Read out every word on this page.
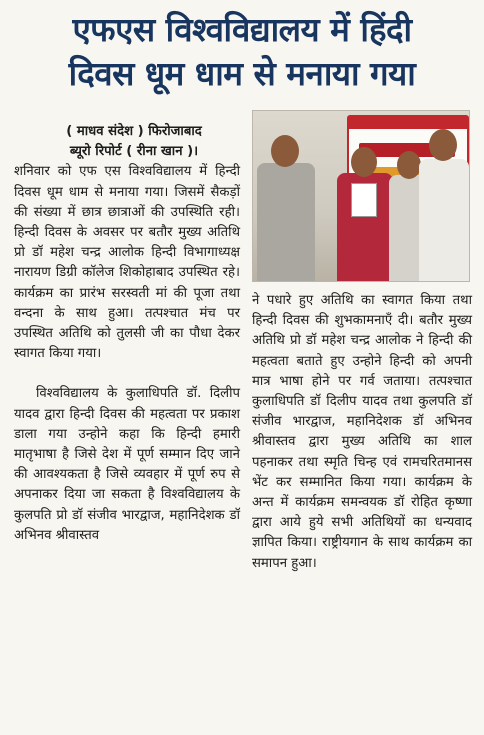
एफएस विश्वविद्यालय में हिंदी
दिवस धूम धाम से मनाया गया

( माधव संदेश ) फिरोजाबाद
ब्यूरो रिपोर्ट ( रीना खान )।

शनिवार को एफ एस विश्वविद्यालय में हिन्दी दिवस धूम धाम से मनाया गया। जिसमें सैकड़ों की संख्या में छात्र छात्राओं की उपस्थिति रही। हिन्दी दिवस के अवसर पर बतौर मुख्य अतिथि प्रो डॉ महेश चन्द्र आलोक हिन्दी विभागाध्यक्ष नारायण डिग्री कॉलेज शिकोहाबाद उपस्थित रहे। कार्यक्रम का प्रारंभ सरस्वती मां की पूजा तथा वन्दना के साथ हुआ। तत्पश्चात मंच पर उपस्थित अतिथि को तुलसी जी का पौधा देकर स्वागत किया गया।

विश्वविद्यालय के कुलाधिपति डॉ. दिलीप यादव द्वारा हिन्दी दिवस की महत्वता पर प्रकाश डाला गया उन्होने कहा कि हिन्दी हमारी मातृभाषा है जिसे देश में पूर्ण सम्मान दिए जाने की आवश्यकता है जिसे व्यवहार में पूर्ण रुप से अपनाकर दिया जा सकता है विश्वविद्यालय के कुलपति प्रो डॉ संजीव भारद्वाज, महानिदेशक डॉ अभिनव श्रीवास्तव

ने पधारे हुए अतिथि का स्वागत किया तथा हिन्दी दिवस की शुभकामनाएँ दी। बतौर मुख्य अतिथि प्रो डॉ महेश चन्द्र आलोक ने हिन्दी की महत्वता बताते हुए उन्होने हिन्दी को अपनी मात्र भाषा होने पर गर्व जताया। तत्पश्चात कुलाधिपति डॉ दिलीप यादव तथा कुलपति डॉ संजीव भारद्वाज, महानिदेशक डॉ अभिनव श्रीवास्तव द्वारा मुख्य अतिथि का शाल पहनाकर तथा स्मृति चिन्ह एवं रामचरितमानस भेंट कर सम्मानित किया गया। कार्यक्रम के अन्त में कार्यक्रम समन्वयक डॉ रोहित कृष्णा द्वारा आये हुये सभी अतिथियों का धन्यवाद ज्ञापित किया। राष्ट्रीयगान के साथ कार्यक्रम का समापन हुआ।
